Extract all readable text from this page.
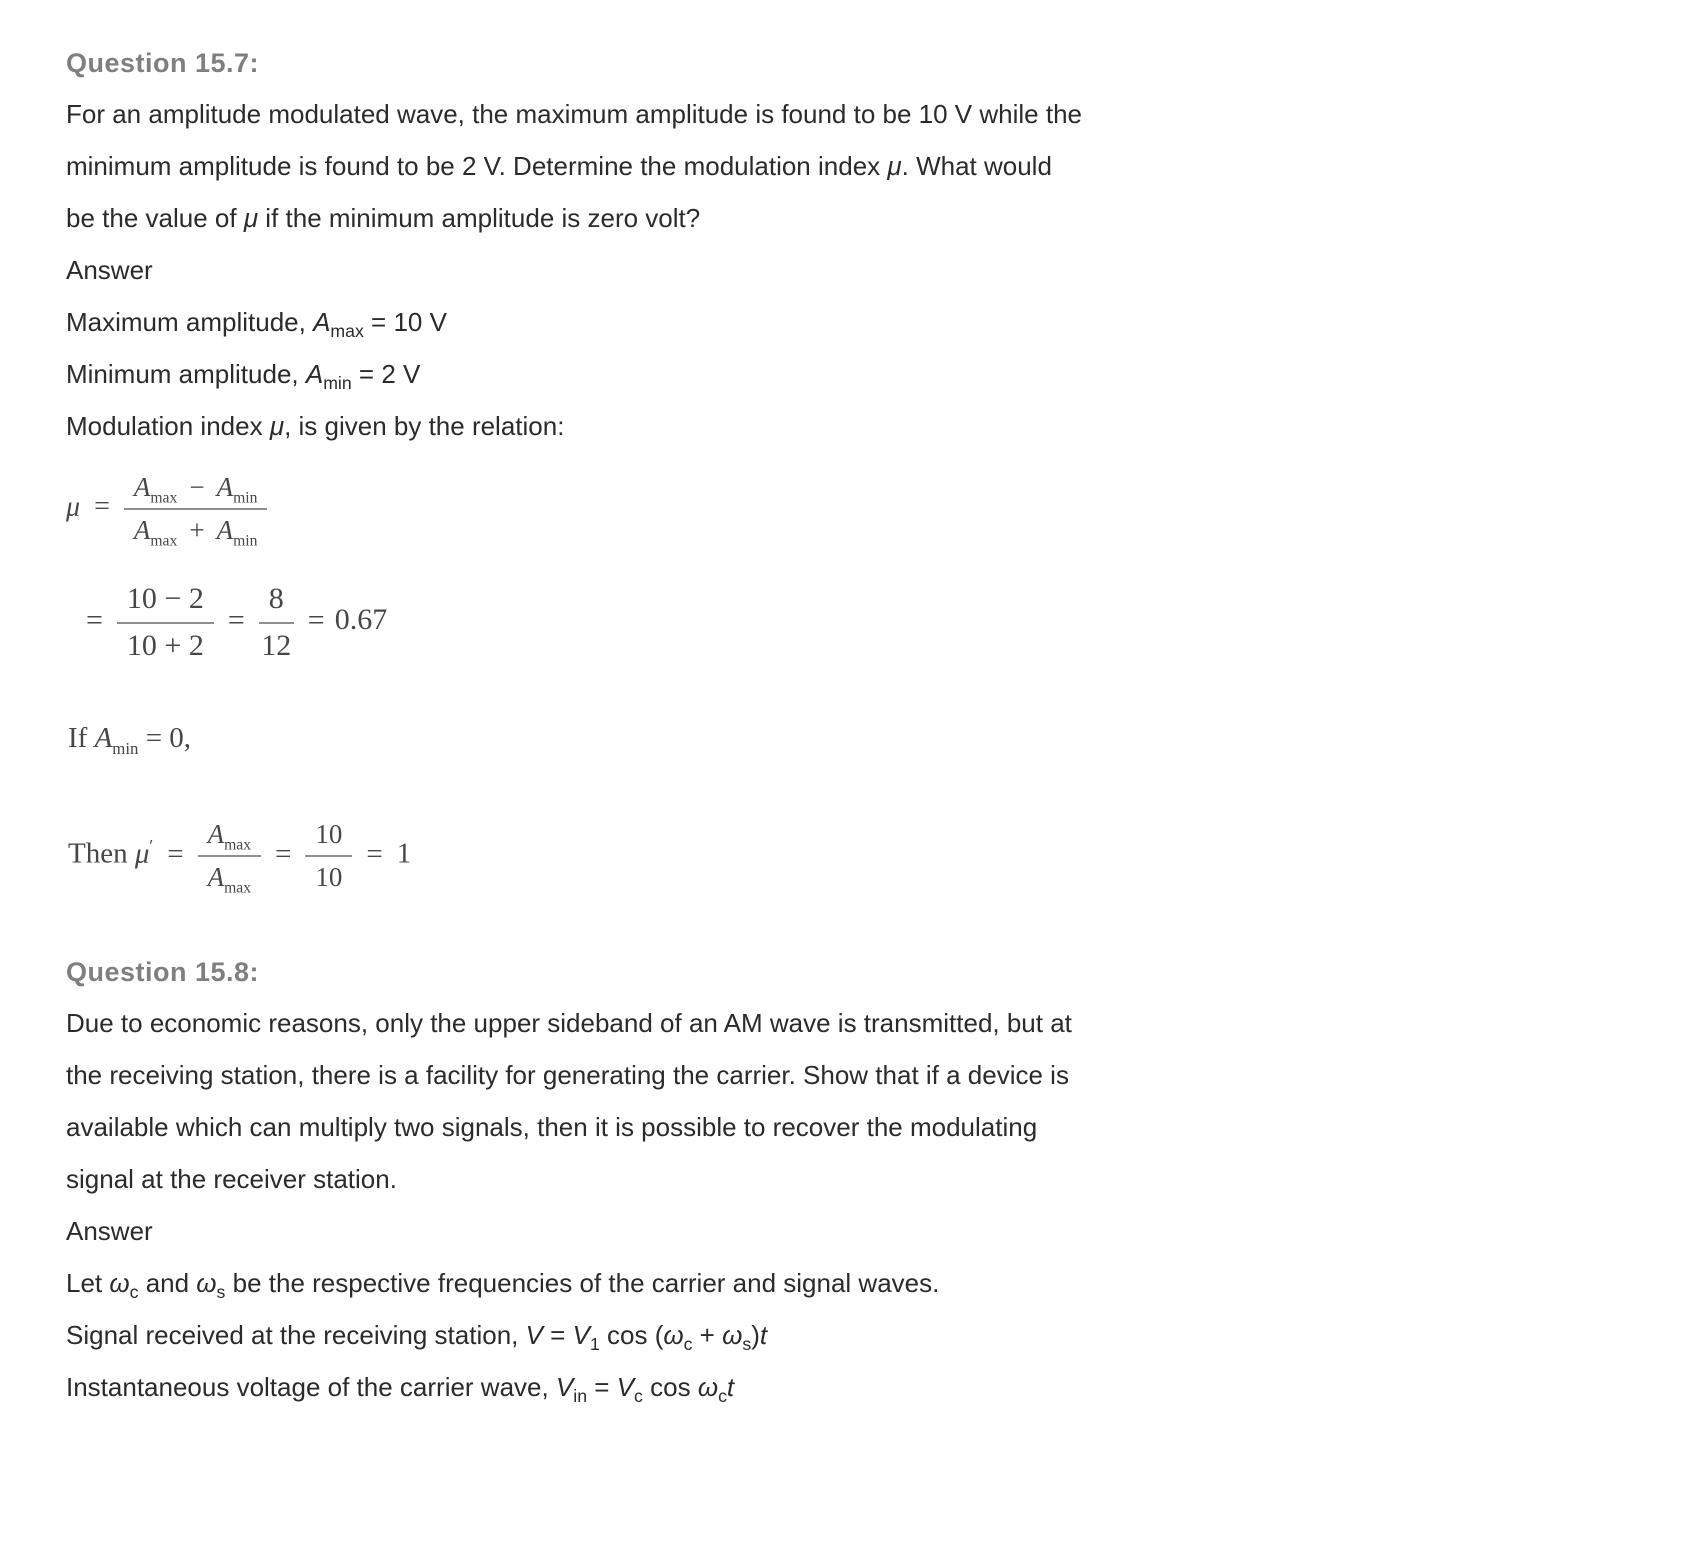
Question 15.7:

For an amplitude modulated wave, the maximum amplitude is found to be 10 V while the

minimum amplitude is found to be 2 V. Determine the modulation index μ. What would

be the value of μ if the minimum amplitude is zero volt?

Answer

Maximum amplitude, $A_{max} = 10$ V

Minimum amplitude, $A_{min} = 2$ V

Modulation index μ, is given by the relation:

$\mu = \frac{A_{max} - A_{min}}{A_{max} + A_{min}}$
= $\frac{10 - 2}{10 + 2} = \frac{8}{12} = 0.67$

If $A_{min} = 0$,

Then $\mu' = \frac{A_{max}}{A_{max}} = \frac{10}{10} = 1$
Question 15.8:

Due to economic reasons, only the upper sideband of an AM wave is transmitted, but at

the receiving station, there is a facility for generating the carrier. Show that if a device is

available which can multiply two signals, then it is possible to recover the modulating

signal at the receiver station.

Answer

Let $\omega_c$ and $\omega_s$ be the respective frequencies of the carrier and signal waves.

Signal received at the receiving station, $V = V_1$ $\cos (\omega_c + \omega_s)t$

Instantaneous voltage of the carrier wave, $V_{in} = V_c$ $\cos \omega_ct$
